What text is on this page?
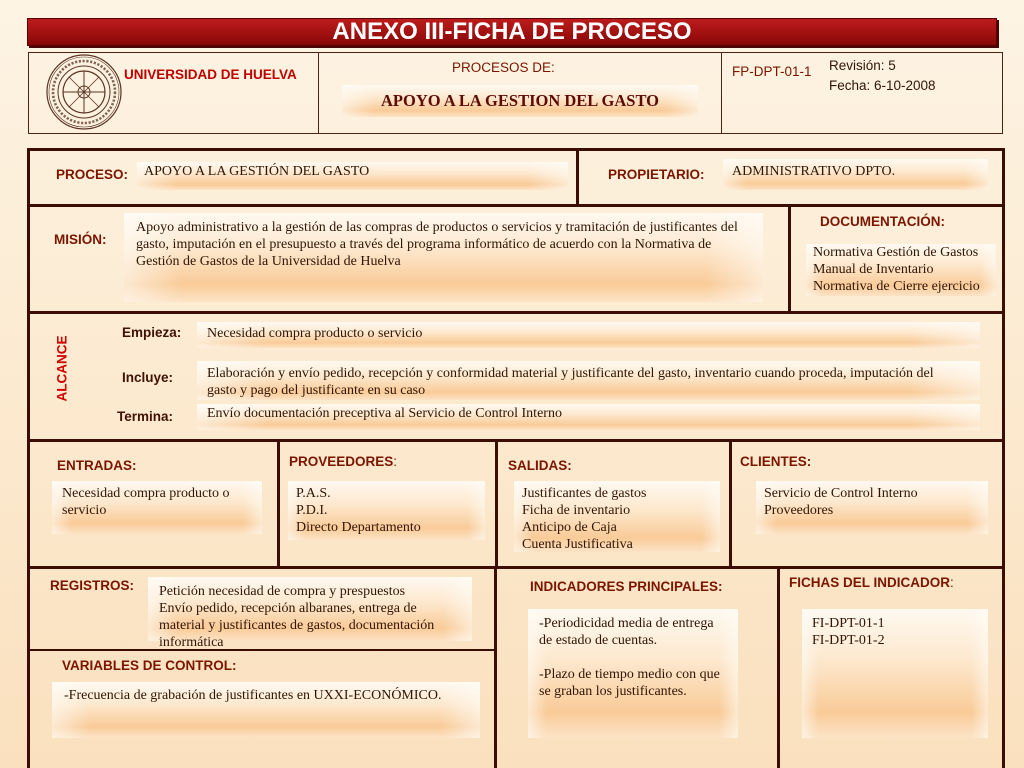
ANEXO III-FICHA DE PROCESO
UNIVERSIDAD DE HUELVA	PROCESOS DE:
APOYO A LA GESTION DEL GASTO
FP-DPT-01-1 Revisión: 5
Fecha: 6-10-2008
PROCESO: APOYO A LA GESTIÓN DEL GASTO	PROPIETARIO: ADMINISTRATIVO DPTO.
MISIÓN:
Apoyo administrativo a la gestión de las compras de productos o servicios y tramitación de justificantes del
gasto, imputación en el presupuesto a través del programa informático de acuerdo con la Normativa de
Gestión de Gastos de la Universidad de Huelva
DOCUMENTACIÓN:
Normativa Gestión de Gastos
Manual de Inventario
Normativa de Cierre ejercicio
ALCANCE
Empieza: Necesidad compra producto o servicio
Incluye: Elaboración y envío pedido, recepción y conformidad material y justificante del gasto, inventario cuando proceda, imputación del
gasto y pago del justificante en su caso
Termina: Envío documentación preceptiva al Servicio de Control Interno
ENTRADAS:
Necesidad compra producto o
servicio
PROVEEDORES:
P.A.S.
P.D.I.
Directo Departamento
SALIDAS:
Justificantes de gastos
Ficha de inventario
Anticipo de Caja
Cuenta Justificativa
CLIENTES:
Servicio de Control Interno
Proveedores
REGISTROS: Petición necesidad de compra y prespuestos
Envío pedido, recepción albaranes, entrega de
material y justificantes de gastos, documentación
informática
VARIABLES DE CONTROL:
-Frecuencia de grabación de justificantes en UXXI-ECONÓMICO.
INDICADORES PRINCIPALES:
-Periodicidad media de entrega
de estado de cuentas.
-Plazo de tiempo medio con que
se graban los justificantes.
FICHAS DEL INDICADOR:
FI-DPT-01-1
FI-DPT-01-2
